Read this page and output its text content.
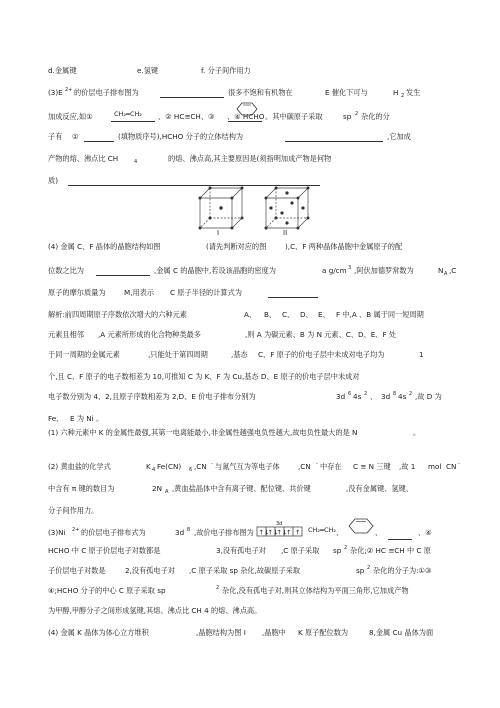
d.金属键	e.氢键	f. 分子间作用力
(3)E 2+ 的价层电子排布图为	很多不饱和有机物在	E 催化下可与	H 2 发生
加成反应,如①	、② HC≡CH、③ 、④ HCHO 。其中碳原子采取	sp 2 杂化的分
子有 ①	(填物质序号),HCHO 分子的立体结构为	,它加成
产物的熔、沸点比 CH	4	的熔、沸点高,其主要原因是(须指明加成产物是何物
质)
(4) 金属 C、F 晶体的晶胞结构如图	(请先判断对应的图	),C、F 两种晶体晶胞中金属原子的配
位数之比为	,金属 C 的晶胞中,若设该晶胞的密度为	a g/cm 3 ,阿伏加德罗常数为	N A ,C
原子的摩尔质量为	M,用表示 C 原子半径的计算式为
解析:前四周期原子序数依次增大的六种元素	A、 B、 C、 D、 E、 F 中,A 、B 属于同一短周期
元素且相邻 ,A 元素所形成的化合物种类最多	,则 A 为碳元素、B 为 N 元素、C、D、E、F 处
于同一周期的金属元素	,只能处于第四周期	,基态 C、F 原子的价电子层中未成对电子均为	1
个,且 C、F 原子的电子数相差为 10,可推知 C 为 K、F 为 Cu,基态 D、E 原子的价电子层中未成对
电子数分别为 4、2,且原子序数相差为 2,D、E 价电子排布分别为	3d 6 4s 2 、 3d 8 4s 2 ,故 D 为
Fe、 E 为 Ni 。
(1) 六种元素中 K 的金属性最强,其第一电离能最小,非金属性越强电负性越大,故电负性最大的是 N	。
(2) 黄血盐的化学式	K 4 Fe(CN) 6 ,CN - 与氮气互为等电子体	,CN - 中存在 C ≡ N 三键 ,故 1 mol CN -
中含有 π 键的数目为	2N A ,黄血盐晶体中含有离子键、配位键、共价键	,没有金属键、氢键、
分子间作用力。
(3)Ni 2+ 的价层电子排布式为	3d 8 ,故价电子排布图为	、	、	、④
HCHO 中 C 原子价层电子对数都是	3,没有孤电子对 ,C 原子采取 sp 2 杂化;② HC ≡CH 中 C 原
子价层电子对数是	2,没有孤电子对 ,C 原子采取 sp 杂化,故碳原子采取	sp 2 杂化的分子为:①③
④;HCHO 分子的中心 C 原子采取 sp	2 杂化,没有孤电子对,则其立体结构为平面三角形,它加成产物
为甲醇,甲醇分子之间形成氢键,其熔、沸点比 CH 4 的熔、沸点高。
(4) 金属 K 晶体为体心立方堆积	,晶胞结构为图 I ,晶胞中 K 原子配位数为	8,金属 Cu 晶体为面
CH₂═CH₂
I	II
3d
↑↓
↑↓
↑↓
↑ ↑ CH₂═CH₂
